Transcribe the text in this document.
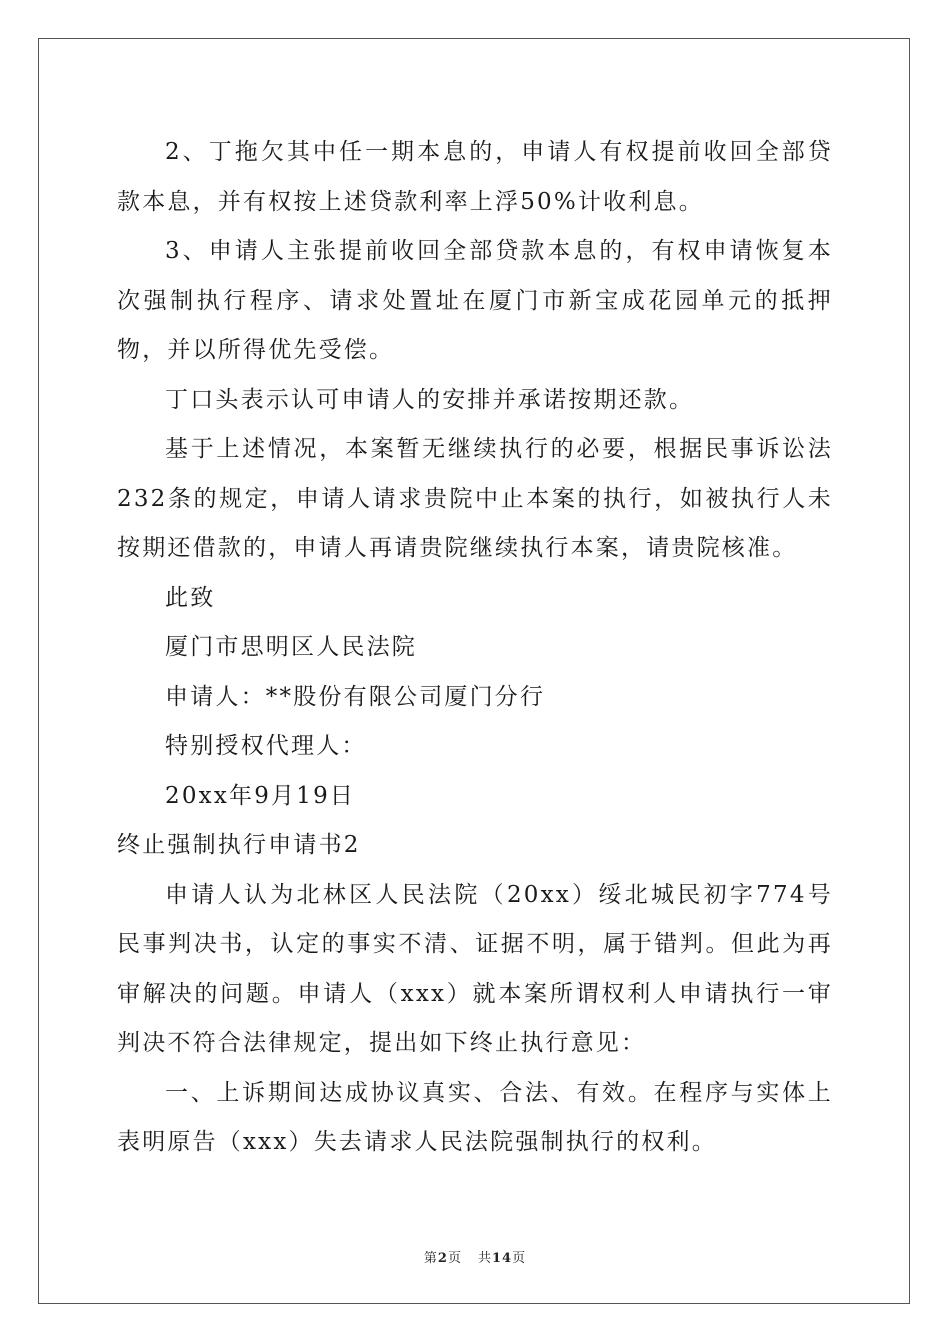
2、丁拖欠其中任一期本息的，申请人有权提前收回全部贷款本息，并有权按上述贷款利率上浮50%计收利息。

3、申请人主张提前收回全部贷款本息的，有权申请恢复本次强制执行程序、请求处置址在厦门市新宝成花园单元的抵押物，并以所得优先受偿。

丁口头表示认可申请人的安排并承诺按期还款。

基于上述情况，本案暂无继续执行的必要，根据民事诉讼法232条的规定，申请人请求贵院中止本案的执行，如被执行人未按期还借款的，申请人再请贵院继续执行本案，请贵院核准。

此致

厦门市思明区人民法院

申请人：**股份有限公司厦门分行

特别授权代理人：

20xx年9月19日

终止强制执行申请书2

申请人认为北林区人民法院（20xx）绥北城民初字774号民事判决书，认定的事实不清、证据不明，属于错判。但此为再审解决的问题。申请人（xxx）就本案所谓权利人申请执行一审判决不符合法律规定，提出如下终止执行意见：

一、上诉期间达成协议真实、合法、有效。在程序与实体上表明原告（xxx）失去请求人民法院强制执行的权利。

第2页 共14页
